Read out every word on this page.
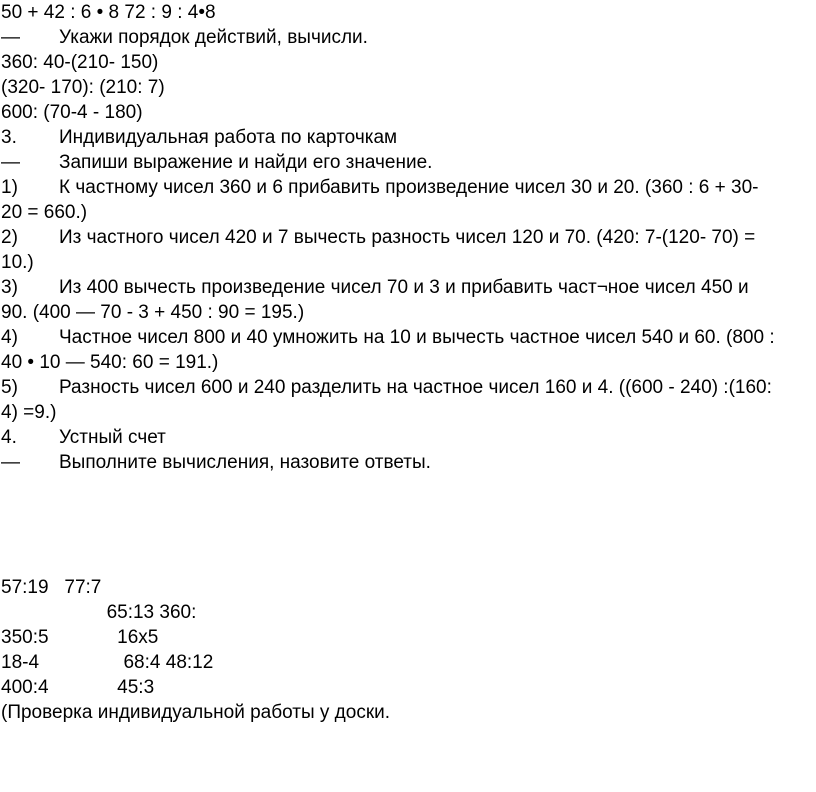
50 + 42 : 6 • 8 72 : 9 : 4•8
—	Укажи порядок действий, вычисли.
360: 40-(210- 150)
(320- 170): (210: 7)
600: (70-4 - 180)
3.	Индивидуальная работа по карточкам
—	Запиши выражение и найди его значение.
1) К частному чисел 360 и 6 прибавить произведение чисел 30 и 20. (360 : 6 + 30- 20 = 660.)
2) Из частного чисел 420 и 7 вычесть разность чисел 120 и 70. (420: 7-(120- 70) = 10.)
3) Из 400 вычесть произведение чисел 70 и 3 и прибавить част¬ное чисел 450 и 90. (400 — 70 - 3 + 450 : 90 = 195.)
4) Частное чисел 800 и 40 умножить на 10 и вычесть частное чисел 540 и 60. (800 : 40 • 10 — 540: 60 = 191.)
5) Разность чисел 600 и 240 разделить на частное чисел 160 и 4. ((600 - 240) :(160: 4) =9.)
4.	Устный счет
—	Выполните вычисления, назовите ответы.
57:19   77:7
65:13 360:
350:5             16x5
18-4                68:4 48:12
400:4             45:3
(Проверка индивидуальной работы у доски.
